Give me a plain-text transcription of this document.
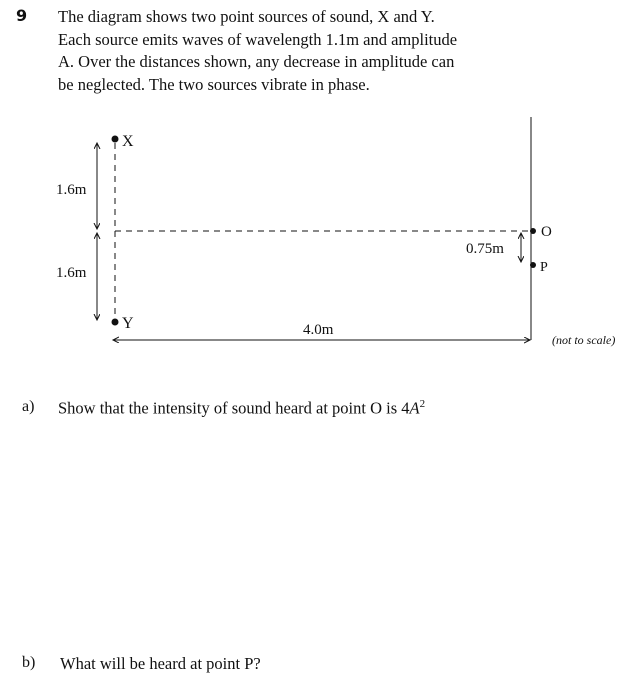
9 The diagram shows two point sources of sound, X and Y.
Each source emits waves of wavelength 1.1m and amplitude
A. Over the distances shown, any decrease in amplitude can
be neglected. The two sources vibrate in phase.
X
Y
1.6m
1.6m
4.0m
0.75m
O
P
(not to scale)
a) Show that the intensity of sound heard at point O is $4A^2$
b) What will be heard at point P?
